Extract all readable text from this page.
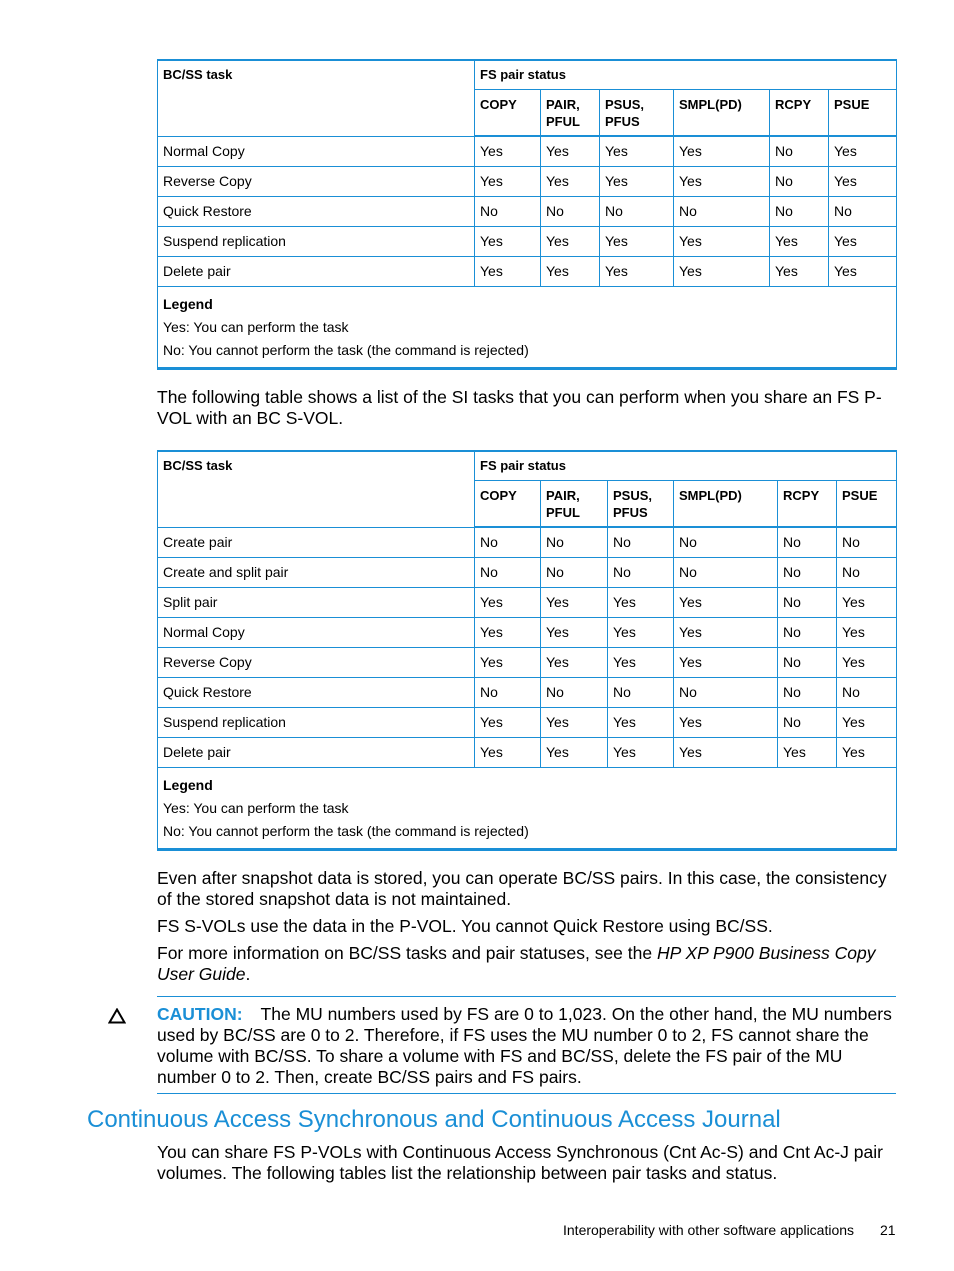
BC/SS task	FS pair status					
	COPY	PAIR, PFUL	PSUS, PFUS	SMPL(PD)	RCPY	PSUE
Normal Copy	Yes	Yes	Yes	Yes	No	Yes
Reverse Copy	Yes	Yes	Yes	Yes	No	Yes
Quick Restore	No	No	No	No	No	No
Suspend replication	Yes	Yes	Yes	Yes	Yes	Yes
Delete pair	Yes	Yes	Yes	Yes	Yes	Yes

Legend
Yes: You can perform the task
No: You cannot perform the task (the command is rejected)						
The following table shows a list of the SI tasks that you can perform when you share an FS P-VOL with an BC S-VOL.
BC/SS task	FS pair status					
	COPY	PAIR, PFUL	PSUS, PFUS	SMPL(PD)	RCPY	PSUE
Create pair	No	No	No	No	No	No
Create and split pair	No	No	No	No	No	No
Split pair	Yes	Yes	Yes	Yes	No	Yes
Normal Copy	Yes	Yes	Yes	Yes	No	Yes
Reverse Copy	Yes	Yes	Yes	Yes	No	Yes
Quick Restore	No	No	No	No	No	No
Suspend replication	Yes	Yes	Yes	Yes	No	Yes
Delete pair	Yes	Yes	Yes	Yes	Yes	Yes

Legend
Yes: You can perform the task
No: You cannot perform the task (the command is rejected)						
Even after snapshot data is stored, you can operate BC/SS pairs. In this case, the consistency of the stored snapshot data is not maintained.
FS S-VOLs use the data in the P-VOL. You cannot Quick Restore using BC/SS.
For more information on BC/SS tasks and pair statuses, see the HP XP P900 Business Copy User Guide.
CAUTION: The MU numbers used by FS are 0 to 1,023. On the other hand, the MU numbers used by BC/SS are 0 to 2. Therefore, if FS uses the MU number 0 to 2, FS cannot share the volume with BC/SS. To share a volume with FS and BC/SS, delete the FS pair of the MU number 0 to 2. Then, create BC/SS pairs and FS pairs.
Continuous Access Synchronous and Continuous Access Journal
You can share FS P-VOLs with Continuous Access Synchronous (Cnt Ac-S) and Cnt Ac-J pair volumes. The following tables list the relationship between pair tasks and status.
Interoperability with other software applications 21
